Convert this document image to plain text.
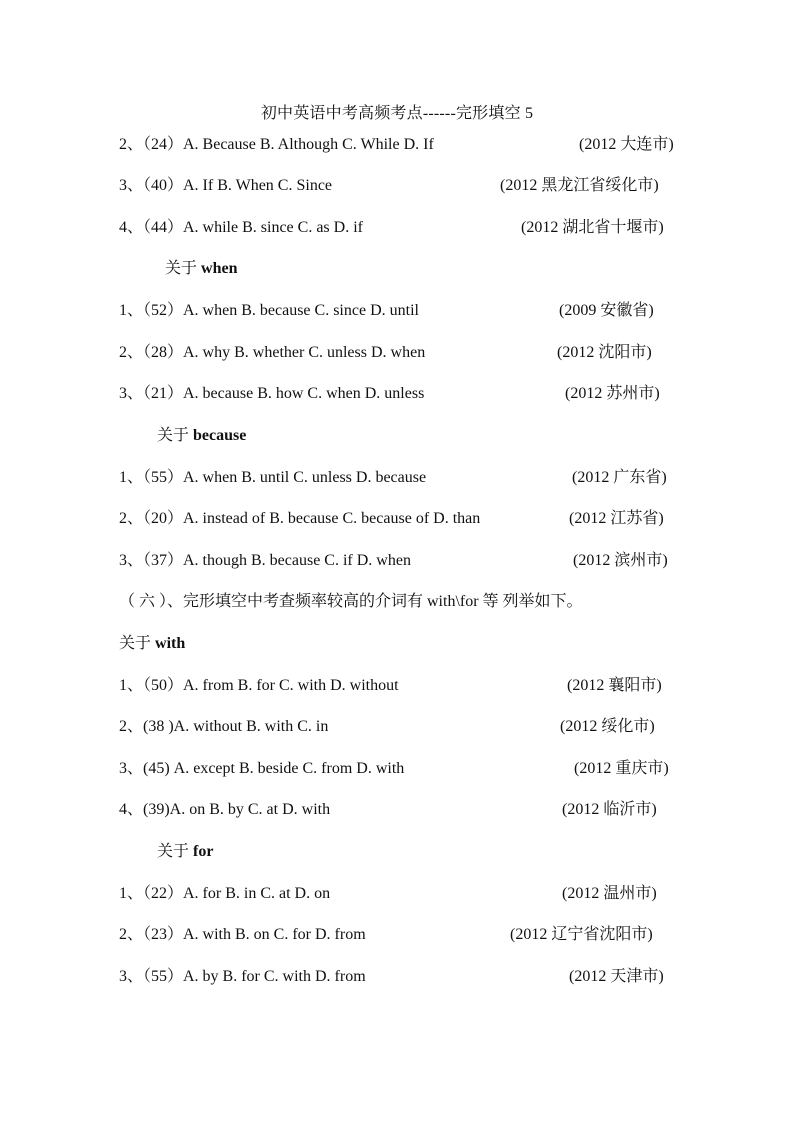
初中英语中考高频考点------完形填空 5
2、（24）A. Because B. Although C. While D. If	(2012 大连市)
3、（40）A. If B. When C. Since	(2012 黑龙江省绥化市)
4、（44）A. while B. since C. as D. if	(2012 湖北省十堰市)
关于 when
1、（52）A. when B. because C. since D. until	(2009 安徽省)
2、（28）A. why B. whether C. unless D. when	(2012 沈阳市)
3、（21）A. because B. how C. when D. unless	(2012 苏州市)
关于 because
1、（55）A. when B. until C. unless D. because	(2012 广东省)
2、（20）A. instead of B. because C. because of D. than	(2012 江苏省)
3、（37）A. though B. because C. if D. when	(2012 滨州市)
（ 六 ）、完形填空中考查频率较高的介词有 with\for 等 列举如下。
关于 with
1、（50）A. from B. for C. with D. without	(2012 襄阳市)
2、(38 )A. without B. with C. in	(2012 绥化市)
3、(45) A. except B. beside C. from D. with	(2012 重庆市)
4、(39)A. on B. by C. at D. with	(2012 临沂市)
关于 for
1、（22）A. for B. in C. at D. on	(2012 温州市)
2、（23）A. with B. on C. for D. from	(2012 辽宁省沈阳市)
3、（55）A. by B. for C. with D. from	(2012 天津市)
